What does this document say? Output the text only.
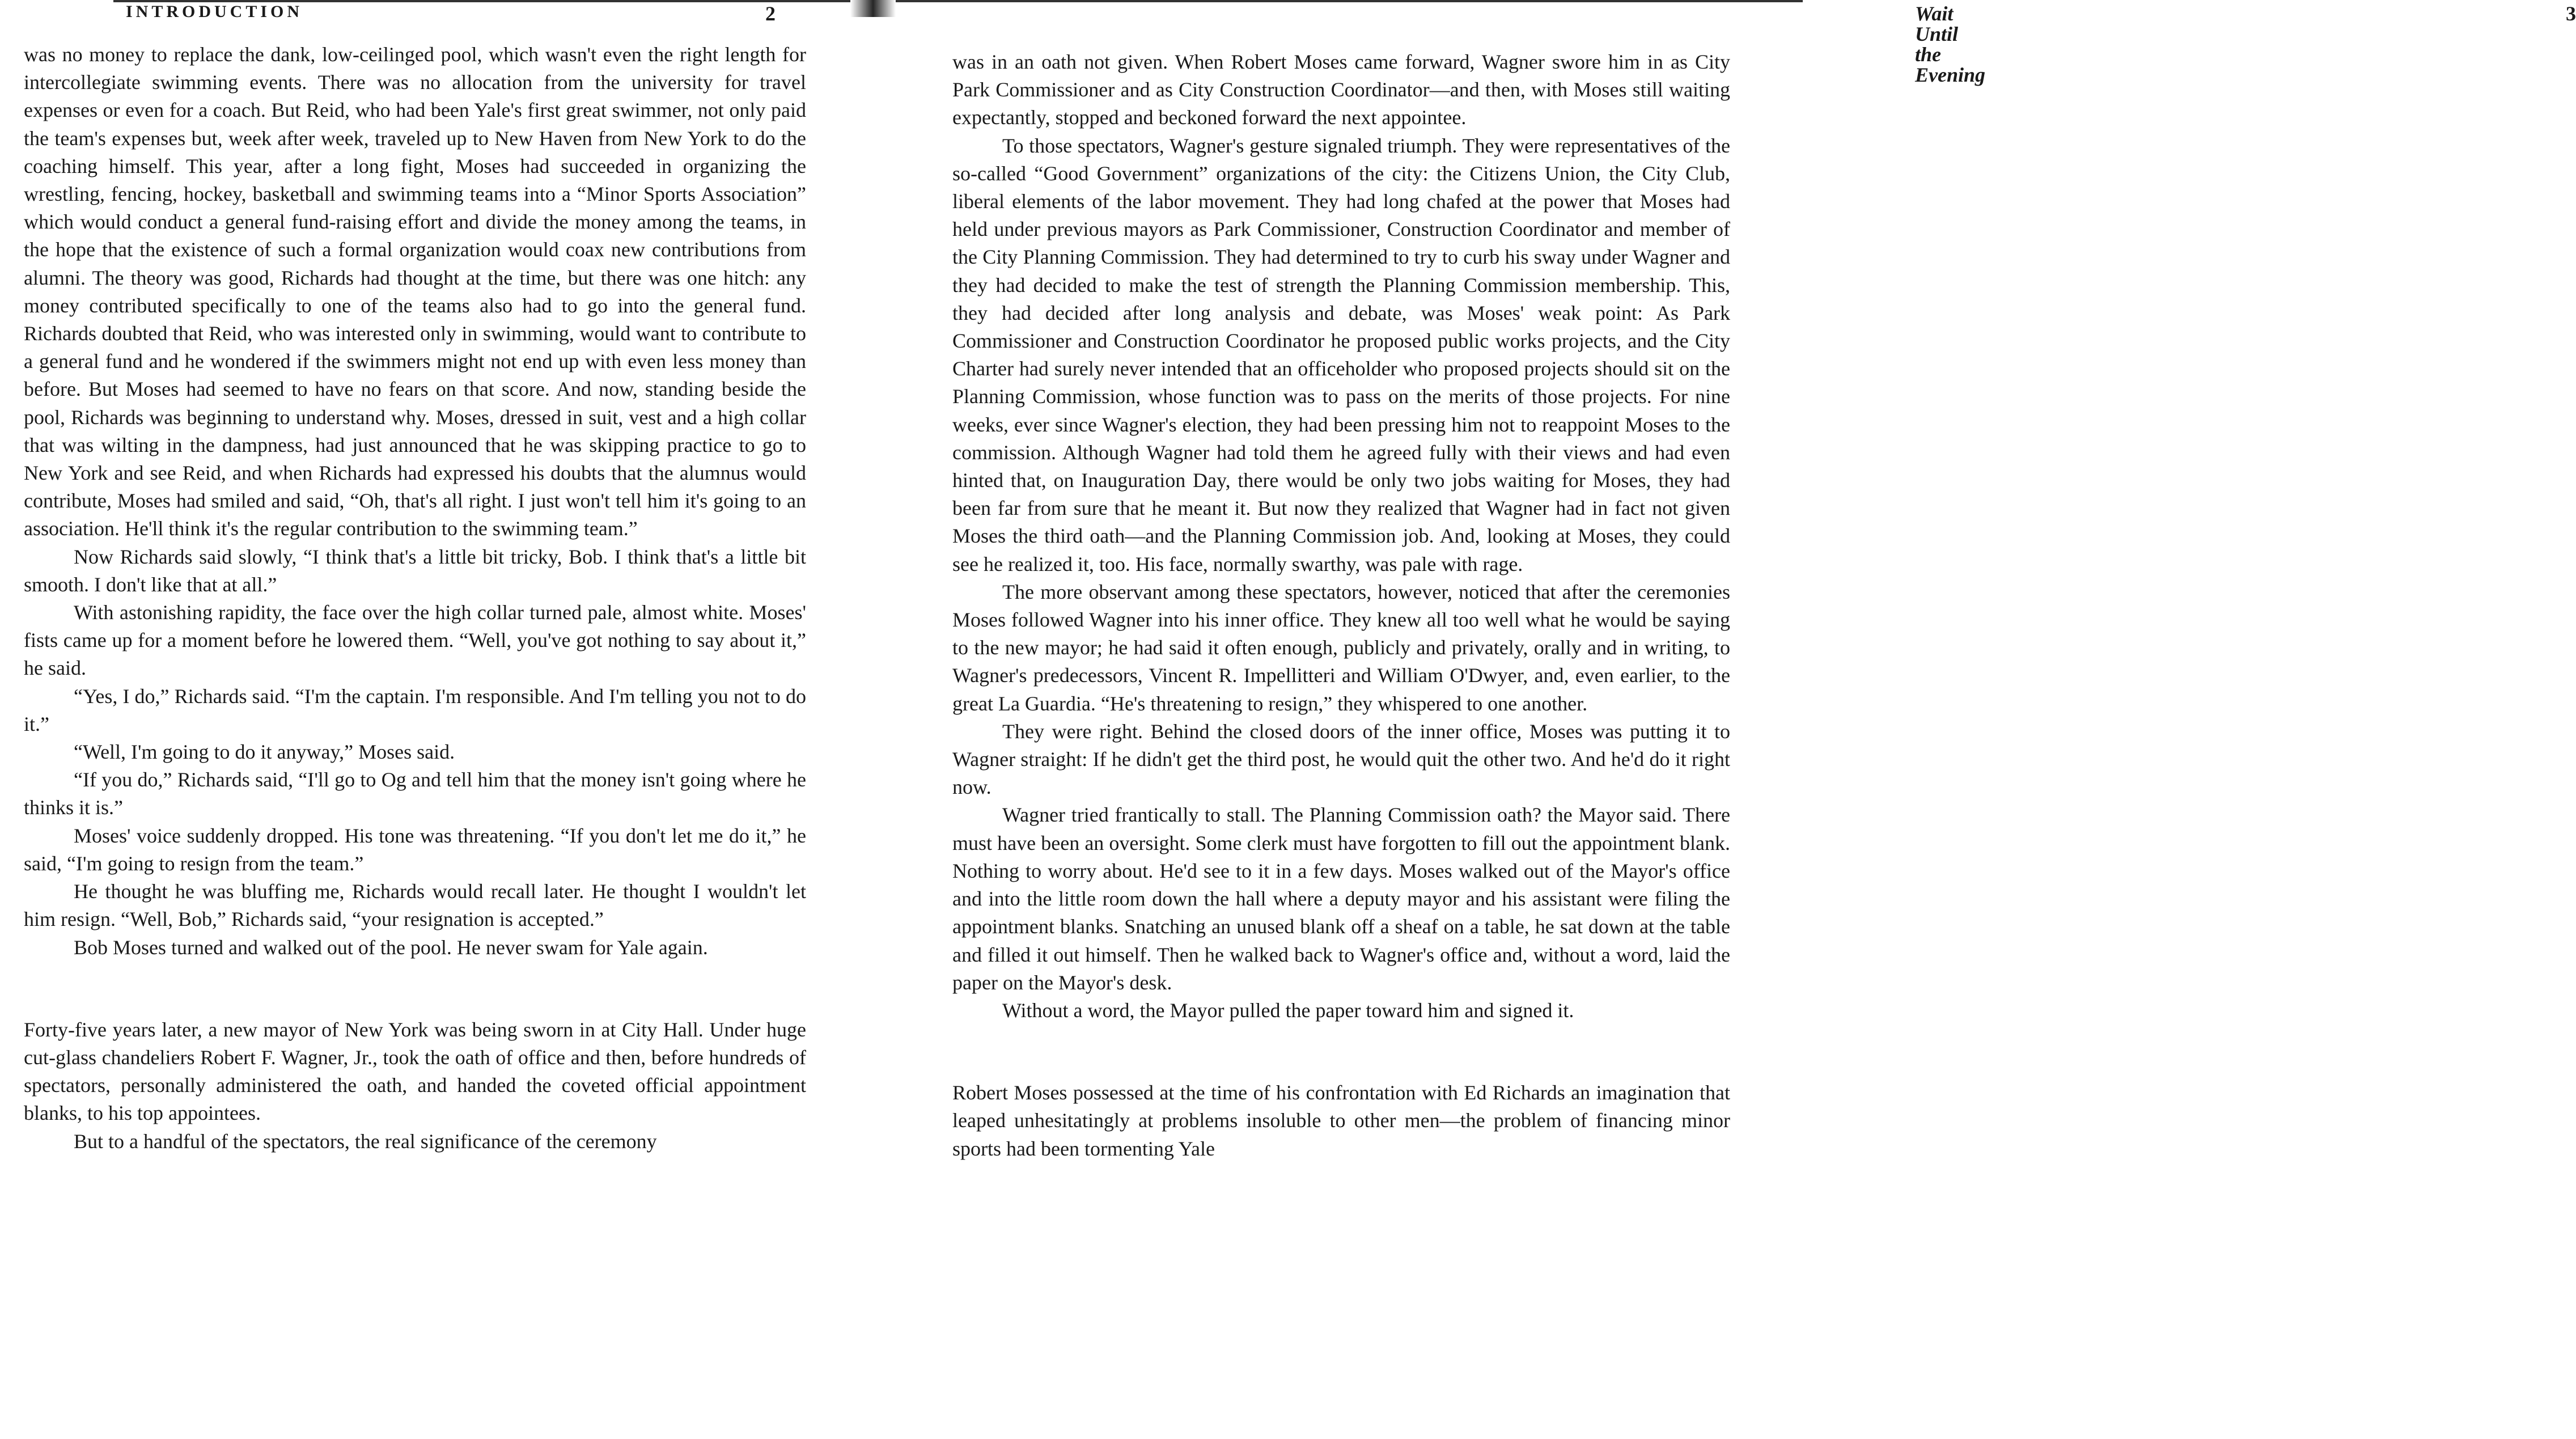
INTRODUCTION	2

was no money to replace the dank, low-ceilinged pool, which wasn't even the right length for intercollegiate swimming events. There was no allocation from the university for travel expenses or even for a coach. But Reid, who had been Yale's first great swimmer, not only paid the team's expenses but, week after week, traveled up to New Haven from New York to do the coaching himself. This year, after a long fight, Moses had succeeded in organizing the wrestling, fencing, hockey, basketball and swimming teams into a “Minor Sports Association” which would conduct a general fund-raising effort and divide the money among the teams, in the hope that the existence of such a formal organization would coax new contributions from alumni. The theory was good, Richards had thought at the time, but there was one hitch: any money contributed specifically to one of the teams also had to go into the general fund. Richards doubted that Reid, who was interested only in swimming, would want to contribute to a general fund and he wondered if the swimmers might not end up with even less money than before. But Moses had seemed to have no fears on that score. And now, standing beside the pool, Richards was beginning to understand why. Moses, dressed in suit, vest and a high collar that was wilting in the dampness, had just announced that he was skipping practice to go to New York and see Reid, and when Richards had expressed his doubts that the alumnus would contribute, Moses had smiled and said, “Oh, that's all right. I just won't tell him it's going to an association. He'll think it's the regular contribution to the swimming team.”

Now Richards said slowly, “I think that's a little bit tricky, Bob. I think that's a little bit smooth. I don't like that at all.”

With astonishing rapidity, the face over the high collar turned pale, almost white. Moses' fists came up for a moment before he lowered them. “Well, you've got nothing to say about it,” he said.

“Yes, I do,” Richards said. “I'm the captain. I'm responsible. And I'm telling you not to do it.”

“Well, I'm going to do it anyway,” Moses said.

“If you do,” Richards said, “I'll go to Og and tell him that the money isn't going where he thinks it is.”

Moses' voice suddenly dropped. His tone was threatening. “If you don't let me do it,” he said, “I'm going to resign from the team.”

He thought he was bluffing me, Richards would recall later. He thought I wouldn't let him resign. “Well, Bob,” Richards said, “your resignation is accepted.”

Bob Moses turned and walked out of the pool. He never swam for Yale again.

Forty-five years later, a new mayor of New York was being sworn in at City Hall. Under huge cut-glass chandeliers Robert F. Wagner, Jr., took the oath of office and then, before hundreds of spectators, personally administered the oath, and handed the coveted official appointment blanks, to his top appointees.

But to a handful of the spectators, the real significance of the ceremony

Wait Until the Evening
3

was in an oath not given. When Robert Moses came forward, Wagner swore him in as City Park Commissioner and as City Construction Coordinator—and then, with Moses still waiting expectantly, stopped and beckoned forward the next appointee.

To those spectators, Wagner's gesture signaled triumph. They were representatives of the so-called “Good Government” organizations of the city: the Citizens Union, the City Club, liberal elements of the labor movement. They had long chafed at the power that Moses had held under previous mayors as Park Commissioner, Construction Coordinator and member of the City Planning Commission. They had determined to try to curb his sway under Wagner and they had decided to make the test of strength the Planning Commission membership. This, they had decided after long analysis and debate, was Moses' weak point: As Park Commissioner and Construction Coordinator he proposed public works projects, and the City Charter had surely never intended that an officeholder who proposed projects should sit on the Planning Commission, whose function was to pass on the merits of those projects. For nine weeks, ever since Wagner's election, they had been pressing him not to reappoint Moses to the commission. Although Wagner had told them he agreed fully with their views and had even hinted that, on Inauguration Day, there would be only two jobs waiting for Moses, they had been far from sure that he meant it. But now they realized that Wagner had in fact not given Moses the third oath—and the Planning Commission job. And, looking at Moses, they could see he realized it, too. His face, normally swarthy, was pale with rage.

The more observant among these spectators, however, noticed that after the ceremonies Moses followed Wagner into his inner office. They knew all too well what he would be saying to the new mayor; he had said it often enough, publicly and privately, orally and in writing, to Wagner's predecessors, Vincent R. Impellitteri and William O'Dwyer, and, even earlier, to the great La Guardia. “He's threatening to resign,” they whispered to one another.

They were right. Behind the closed doors of the inner office, Moses was putting it to Wagner straight: If he didn't get the third post, he would quit the other two. And he'd do it right now.

Wagner tried frantically to stall. The Planning Commission oath? the Mayor said. There must have been an oversight. Some clerk must have forgotten to fill out the appointment blank. Nothing to worry about. He'd see to it in a few days. Moses walked out of the Mayor's office and into the little room down the hall where a deputy mayor and his assistant were filing the appointment blanks. Snatching an unused blank off a sheaf on a table, he sat down at the table and filled it out himself. Then he walked back to Wagner's office and, without a word, laid the paper on the Mayor's desk.

Without a word, the Mayor pulled the paper toward him and signed it.

Robert Moses possessed at the time of his confrontation with Ed Richards an imagination that leaped unhesitatingly at problems insoluble to other men—the problem of financing minor sports had been tormenting Yale
